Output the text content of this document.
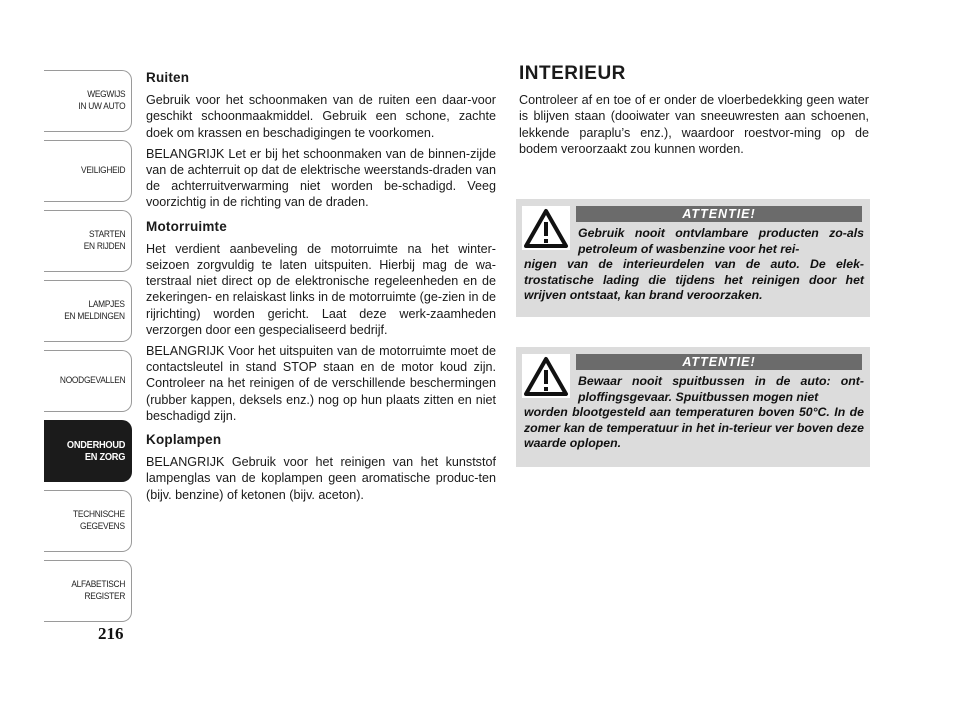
WEGWIJS
IN UW AUTO
VEILIGHEID
STARTEN
EN RIJDEN
LAMPJES
EN MELDINGEN
NOODGEVALLEN
ONDERHOUD
EN ZORG
TECHNISCHE
GEGEVENS
ALFABETISCH
REGISTER
216
Ruiten

Gebruik voor het schoonmaken van de ruiten een daar-voor geschikt schoonmaakmiddel. Gebruik een schone, zachte doek om krassen en beschadigingen te voorkomen.

BELANGRIJK Let er bij het schoonmaken van de binnen-zijde van de achterruit op dat de elektrische weerstands-draden van de achterruitverwarming niet worden be-schadigd. Veeg voorzichtig in de richting van de draden.

Motorruimte

Het verdient aanbeveling de motorruimte na het winter-seizoen zorgvuldig te laten uitspuiten. Hierbij mag de wa-terstraal niet direct op de elektronische regeleenheden en de zekeringen- en relaiskast links in de motorruimte (ge-zien in de rijrichting) worden gericht. Laat deze werk-zaamheden verzorgen door een gespecialiseerd bedrijf.

BELANGRIJK Voor het uitspuiten van de motorruimte moet de contactsleutel in stand STOP staan en de motor koud zijn. Controleer na het reinigen of de verschillende beschermingen (rubber kappen, deksels enz.) nog op hun plaats zitten en niet beschadigd zijn.

Koplampen

BELANGRIJK Gebruik voor het reinigen van het kunststof lampenglas van de koplampen geen aromatische produc-ten (bijv. benzine) of ketonen (bijv. aceton).

INTERIEUR

Controleer af en toe of er onder de vloerbedekking geen water is blijven staan (dooiwater van sneeuwresten aan schoenen, lekkende paraplu’s enz.), waardoor roestvor-ming op de bodem veroorzaakt zou kunnen worden.

ATTENTIE!
Gebruik nooit ontvlambare producten zo-als petroleum of wasbenzine voor het rei-
nigen van de interieurdelen van de auto. De elek-trostatische lading die tijdens het reinigen door het wrijven ontstaat, kan brand veroorzaken.
ATTENTIE!
Bewaar nooit spuitbussen in de auto: ont-ploffingsgevaar. Spuitbussen mogen niet
worden blootgesteld aan temperaturen boven 50°C. In de zomer kan de temperatuur in het in-terieur ver boven deze waarde oplopen.
